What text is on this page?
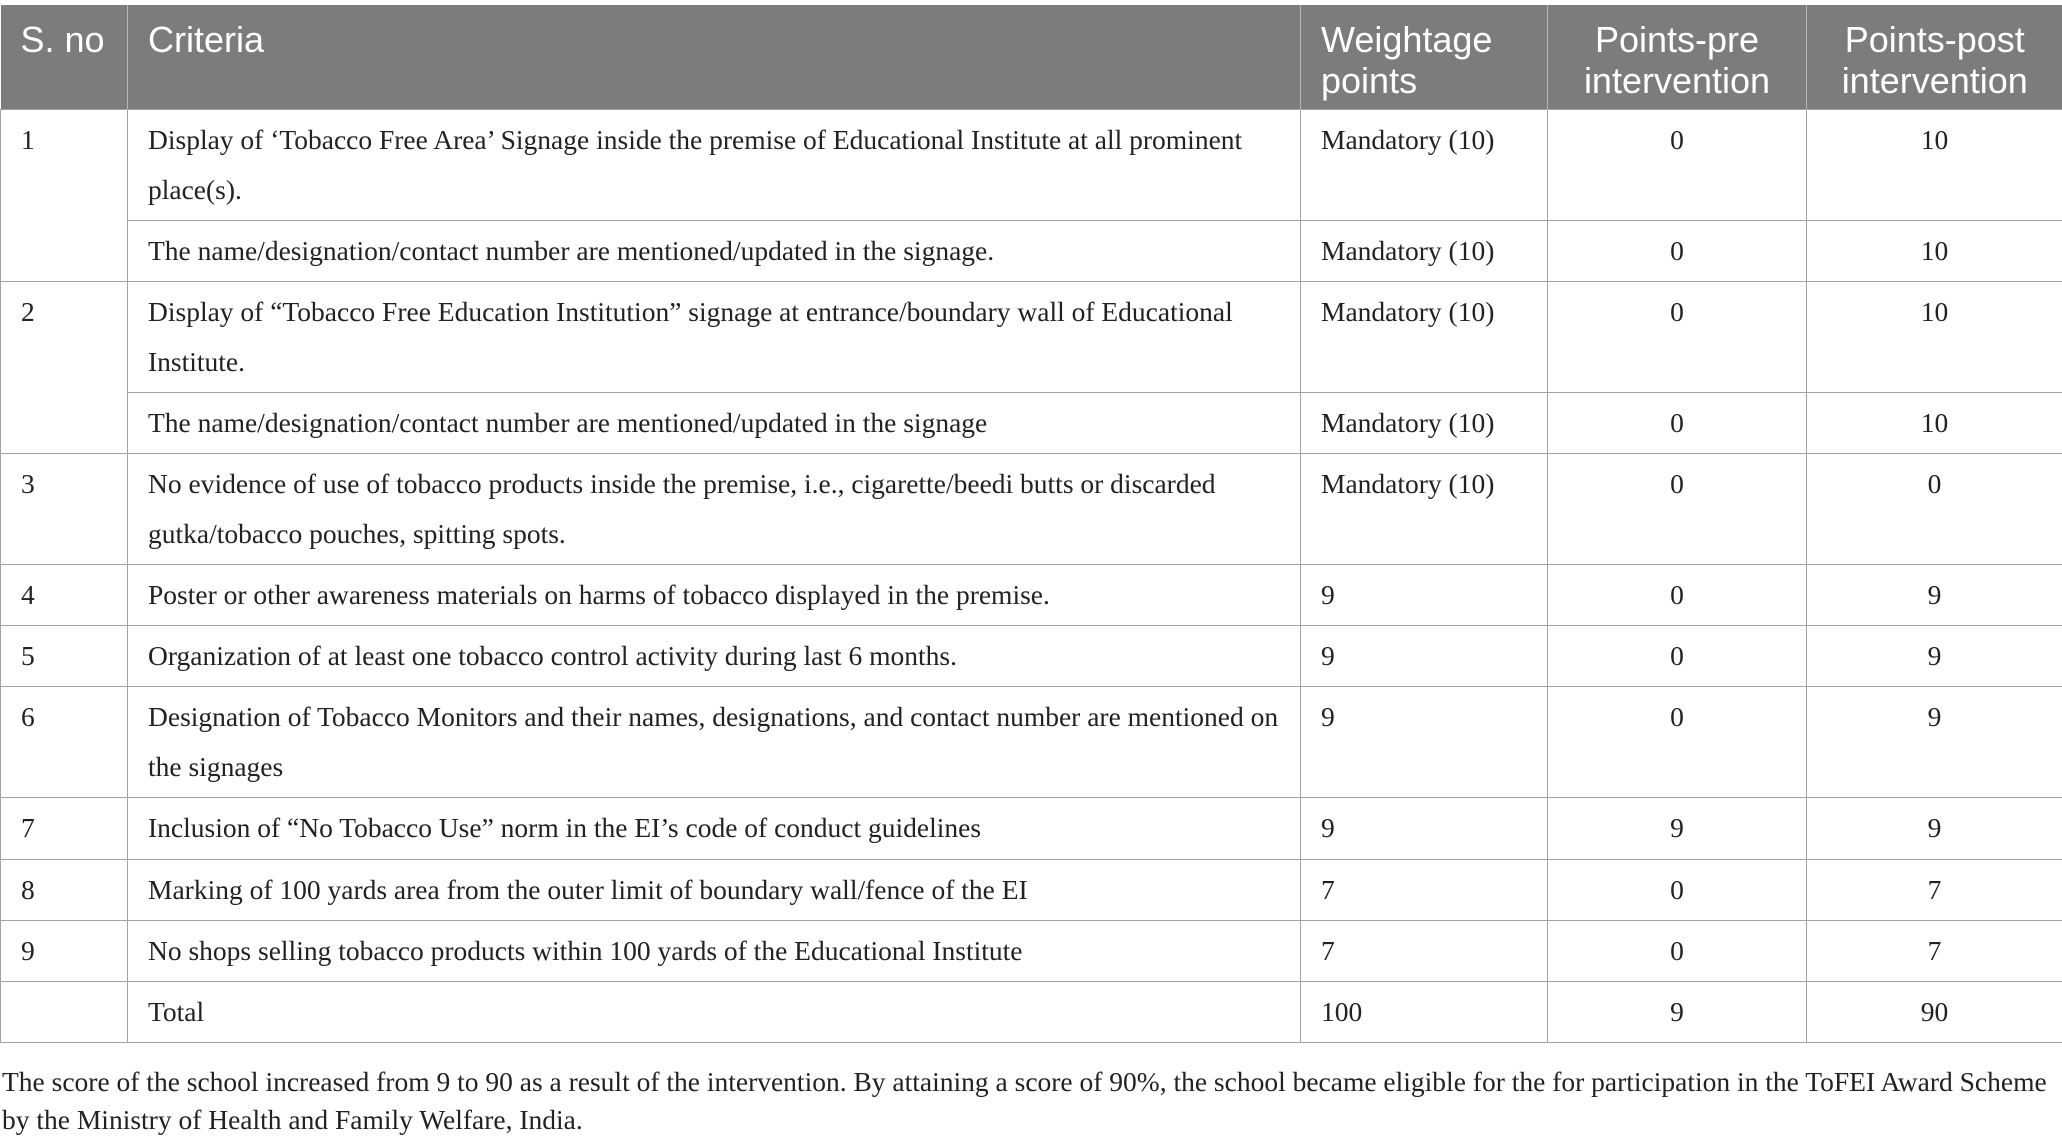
S. no	Criteria	Weightage points	Points-pre intervention	Points-post intervention
1	Display of ‘Tobacco Free Area’ Signage inside the premise of Educational Institute at all prominent place(s).	Mandatory (10)	0	10
	The name/designation/contact number are mentioned/updated in the signage.	Mandatory (10)	0	10
2	Display of “Tobacco Free Education Institution” signage at entrance/boundary wall of Educational Institute.	Mandatory (10)	0	10
	The name/designation/contact number are mentioned/updated in the signage	Mandatory (10)	0	10
3	No evidence of use of tobacco products inside the premise, i.e., cigarette/beedi butts or discarded gutka/tobacco pouches, spitting spots.	Mandatory (10)	0	0
4	Poster or other awareness materials on harms of tobacco displayed in the premise.	9	0	9
5	Organization of at least one tobacco control activity during last 6 months.	9	0	9
6	Designation of Tobacco Monitors and their names, designations, and contact number are mentioned on the signages	9	0	9
7	Inclusion of “No Tobacco Use” norm in the EI’s code of conduct guidelines	9	9	9
8	Marking of 100 yards area from the outer limit of boundary wall/fence of the EI	7	0	7
9	No shops selling tobacco products within 100 yards of the Educational Institute	7	0	7
	Total	100	9	90
The score of the school increased from 9 to 90 as a result of the intervention. By attaining a score of 90%, the school became eligible for the for participation in the ToFEI Award Scheme by the Ministry of Health and Family Welfare, India.
